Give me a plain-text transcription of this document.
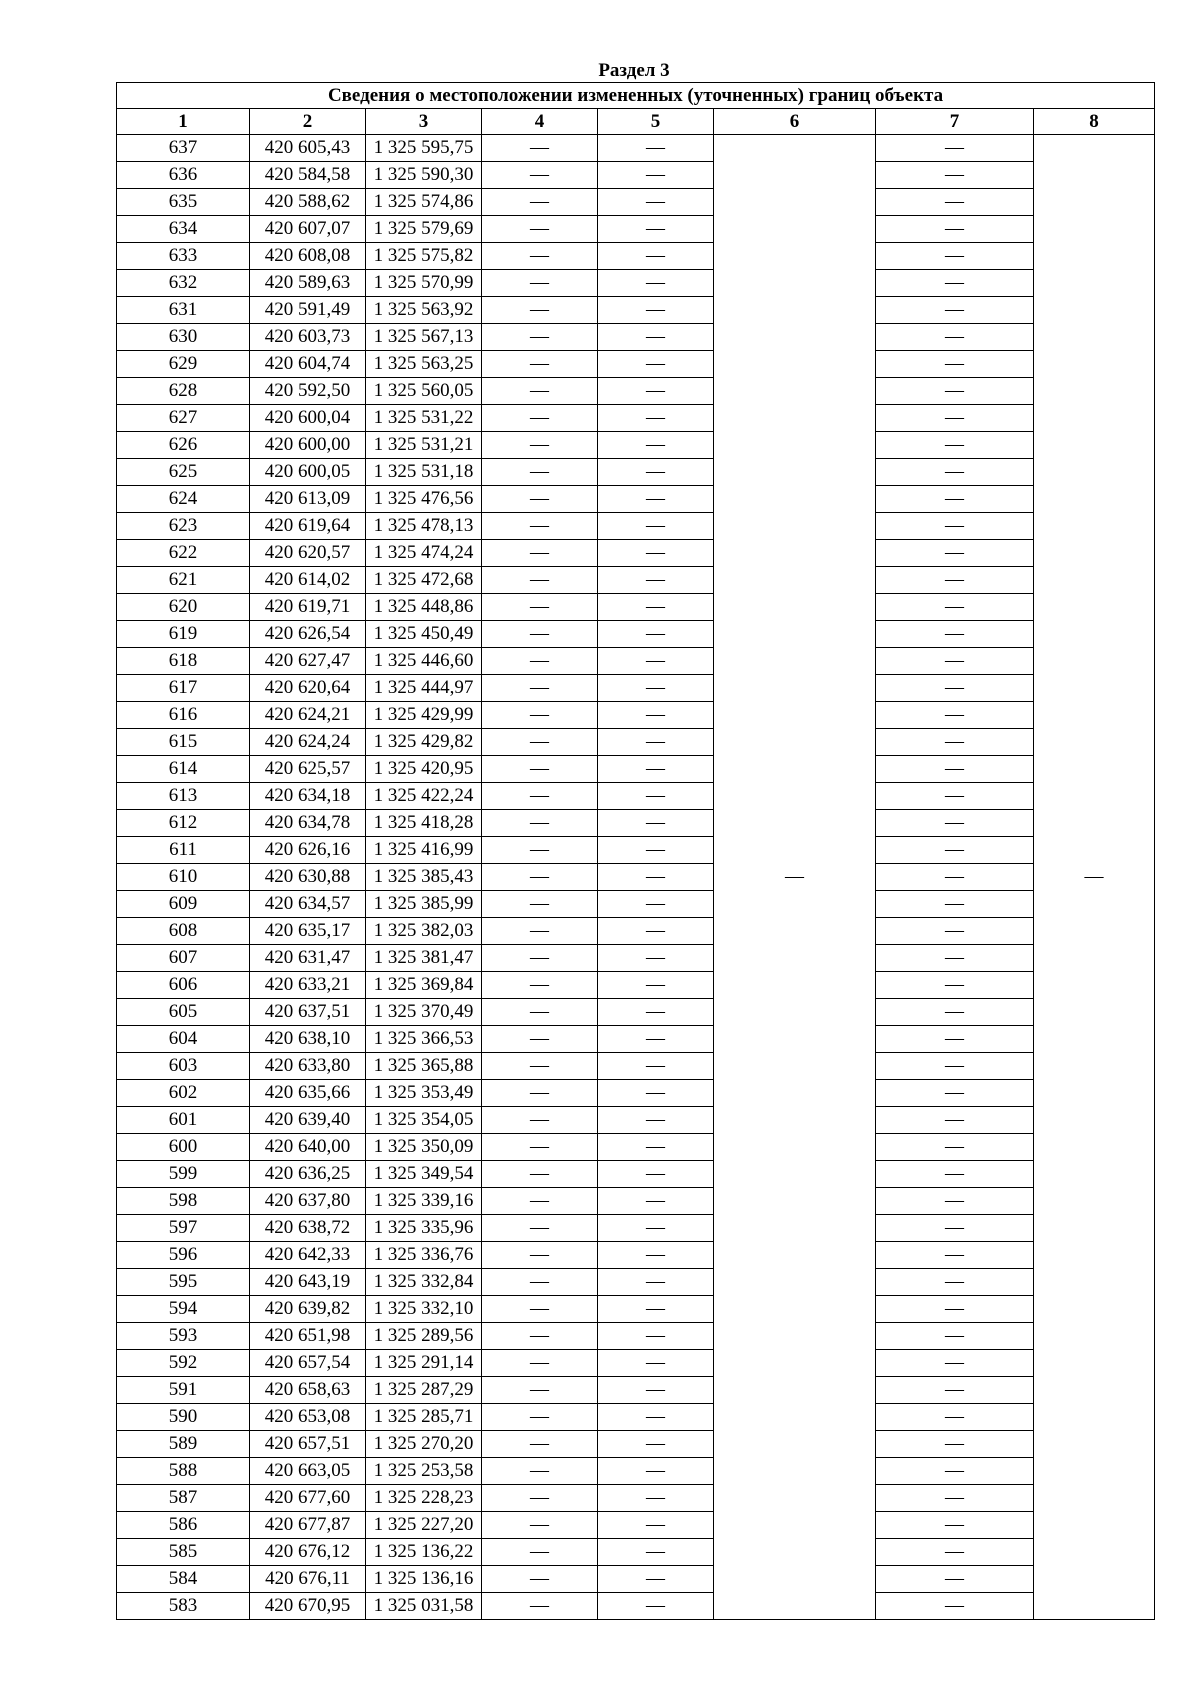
Раздел 3
Сведения о местоположении измененных (уточненных) границ объекта							
1	2	3	4	5	6	7	8
637	420 605,43	1 325 595,75	—	—	—	—	—
636	420 584,58	1 325 590,30	—	—		—	
635	420 588,62	1 325 574,86	—	—		—	
634	420 607,07	1 325 579,69	—	—		—	
633	420 608,08	1 325 575,82	—	—		—	
632	420 589,63	1 325 570,99	—	—		—	
631	420 591,49	1 325 563,92	—	—		—	
630	420 603,73	1 325 567,13	—	—		—	
629	420 604,74	1 325 563,25	—	—		—	
628	420 592,50	1 325 560,05	—	—		—	
627	420 600,04	1 325 531,22	—	—		—	
626	420 600,00	1 325 531,21	—	—		—	
625	420 600,05	1 325 531,18	—	—		—	
624	420 613,09	1 325 476,56	—	—		—	
623	420 619,64	1 325 478,13	—	—		—	
622	420 620,57	1 325 474,24	—	—		—	
621	420 614,02	1 325 472,68	—	—		—	
620	420 619,71	1 325 448,86	—	—		—	
619	420 626,54	1 325 450,49	—	—		—	
618	420 627,47	1 325 446,60	—	—		—	
617	420 620,64	1 325 444,97	—	—		—	
616	420 624,21	1 325 429,99	—	—		—	
615	420 624,24	1 325 429,82	—	—		—	
614	420 625,57	1 325 420,95	—	—		—	
613	420 634,18	1 325 422,24	—	—		—	
612	420 634,78	1 325 418,28	—	—		—	
611	420 626,16	1 325 416,99	—	—		—	
610	420 630,88	1 325 385,43	—	—		—	
609	420 634,57	1 325 385,99	—	—		—	
608	420 635,17	1 325 382,03	—	—		—	
607	420 631,47	1 325 381,47	—	—		—	
606	420 633,21	1 325 369,84	—	—		—	
605	420 637,51	1 325 370,49	—	—		—	
604	420 638,10	1 325 366,53	—	—		—	
603	420 633,80	1 325 365,88	—	—		—	
602	420 635,66	1 325 353,49	—	—		—	
601	420 639,40	1 325 354,05	—	—		—	
600	420 640,00	1 325 350,09	—	—		—	
599	420 636,25	1 325 349,54	—	—		—	
598	420 637,80	1 325 339,16	—	—		—	
597	420 638,72	1 325 335,96	—	—		—	
596	420 642,33	1 325 336,76	—	—		—	
595	420 643,19	1 325 332,84	—	—		—	
594	420 639,82	1 325 332,10	—	—		—	
593	420 651,98	1 325 289,56	—	—		—	
592	420 657,54	1 325 291,14	—	—		—	
591	420 658,63	1 325 287,29	—	—		—	
590	420 653,08	1 325 285,71	—	—		—	
589	420 657,51	1 325 270,20	—	—		—	
588	420 663,05	1 325 253,58	—	—		—	
587	420 677,60	1 325 228,23	—	—		—	
586	420 677,87	1 325 227,20	—	—		—	
585	420 676,12	1 325 136,22	—	—		—	
584	420 676,11	1 325 136,16	—	—		—	
583	420 670,95	1 325 031,58	—	—		—	
